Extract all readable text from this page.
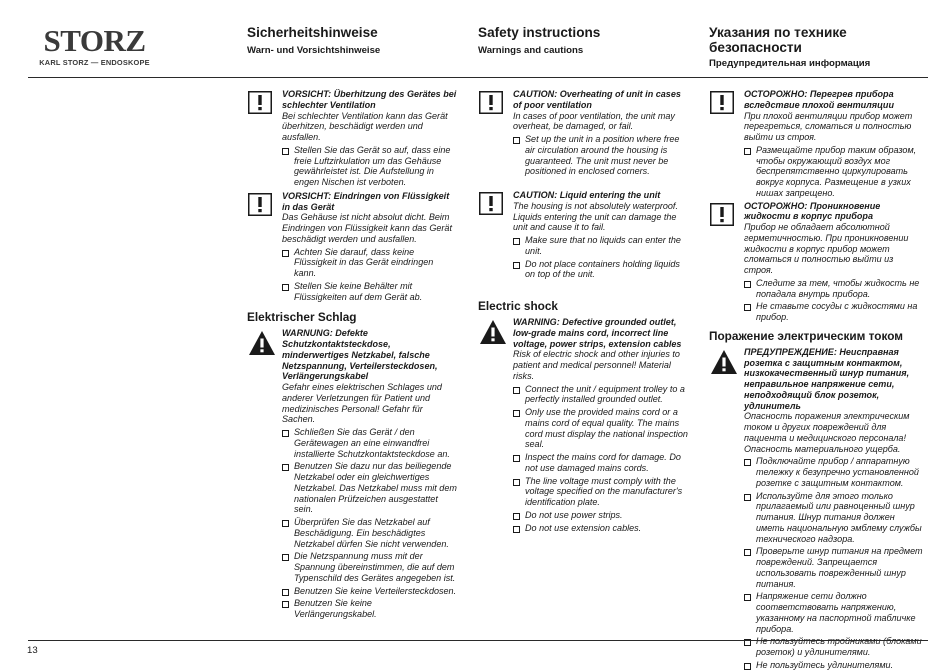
STORZ
KARL STORZ — ENDOSKOPE
Sicherheitshinweise
Warn- und Vorsichtshinweise
Safety instructions
Warnings and cautions
Указания по технике безопасности
Предупредительная информация
VORSICHT: Überhitzung des Gerätes bei schlechter Ventilation
Bei schlechter Ventilation kann das Gerät überhitzen, beschädigt werden und ausfallen.
Stellen Sie das Gerät so auf, dass eine freie Luftzirkulation um das Gehäuse gewährleistet ist. Die Aufstellung in engen Nischen ist verboten.
VORSICHT: Eindringen von Flüssigkeit in das Gerät
Das Gehäuse ist nicht absolut dicht. Beim Eindringen von Flüssigkeit kann das Gerät beschädigt werden und ausfallen.
Achten Sie darauf, dass keine Flüssigkeit in das Gerät eindringen kann.
Stellen Sie keine Behälter mit Flüssigkeiten auf dem Gerät ab.
Elektrischer Schlag
WARNUNG: Defekte Schutzkontaktsteckdose, minderwertiges Netzkabel, falsche Netzspannung, Verteilersteckdosen, Verlängerungskabel
Gefahr eines elektrischen Schlages und anderer Verletzungen für Patient und medizinisches Personal! Gefahr für Sachen.
Schließen Sie das Gerät / den Gerätewagen an eine einwandfrei installierte Schutzkontaktsteckdose an.
Benutzen Sie dazu nur das beiliegende Netzkabel oder ein gleichwertiges Netzkabel. Das Netzkabel muss mit dem nationalen Prüfzeichen ausgestattet sein.
Überprüfen Sie das Netzkabel auf Beschädigung. Ein beschädigtes Netzkabel dürfen Sie nicht verwenden.
Die Netzspannung muss mit der Spannung übereinstimmen, die auf dem Typenschild des Gerätes angegeben ist.
Benutzen Sie keine Verteilersteckdosen.
Benutzen Sie keine Verlängerungskabel.
CAUTION: Overheating of unit in cases of poor ventilation
In cases of poor ventilation, the unit may overheat, be damaged, or fail.
Set up the unit in a position where free air circulation around the housing is guaranteed. The unit must never be positioned in enclosed corners.
CAUTION: Liquid entering the unit
The housing is not absolutely waterproof. Liquids entering the unit can damage the unit and cause it to fail.
Make sure that no liquids can enter the unit.
Do not place containers holding liquids on top of the unit.
Electric shock
WARNING: Defective grounded outlet, low-grade mains cord, incorrect line voltage, power strips, extension cables
Risk of electric shock and other injuries to patient and medical personnel! Material risks.
Connect the unit / equipment trolley to a perfectly installed grounded outlet.
Only use the provided mains cord or a mains cord of equal quality. The mains cord must display the national inspection seal.
Inspect the mains cord for damage. Do not use damaged mains cords.
The line voltage must comply with the voltage specified on the manufacturer's identification plate.
Do not use power strips.
Do not use extension cables.
ОСТОРОЖНО: Перегрев прибора вследствие плохой вентиляции
При плохой вентиляции прибор может перегреться, сломаться и полностью выйти из строя.
Размещайте прибор таким образом, чтобы окружающий воздух мог беспрепятственно циркулировать вокруг корпуса. Размещение в узких нишах запрещено.
ОСТОРОЖНО: Проникновение жидкости в корпус прибора
Прибор не обладает абсолютной герметичностью. При проникновении жидкости в корпус прибор может сломаться и полностью выйти из строя.
Следите за тем, чтобы жидкость не попадала внутрь прибора.
Не ставьте сосуды с жидкостями на прибор.
Поражение электрическим током
ПРЕДУПРЕЖДЕНИЕ: Неисправная розетка с защитным контактом, низкокачественный шнур питания, неправильное напряжение сети, неподходящий блок розеток, удлинитель
Опасность поражения электрическим током и других повреждений для пациента и медицинского персонала! Опасность материального ущерба.
Подключайте прибор / аппаратную тележку к безупречно установленной розетке с защитным контактом.
Используйте для этого только прилагаемый или равноценный шнур питания. Шнур питания должен иметь национальную эмблему службы технического надзора.
Проверьте шнур питания на предмет повреждений. Запрещается использовать поврежденный шнур питания.
Напряжение сети должно соответствовать напряжению, указанному на паспортной табличке прибора.
Не пользуйтесь тройниками (блоками розеток) и удлинителями.
Не пользуйтесь удлинителями.
13
